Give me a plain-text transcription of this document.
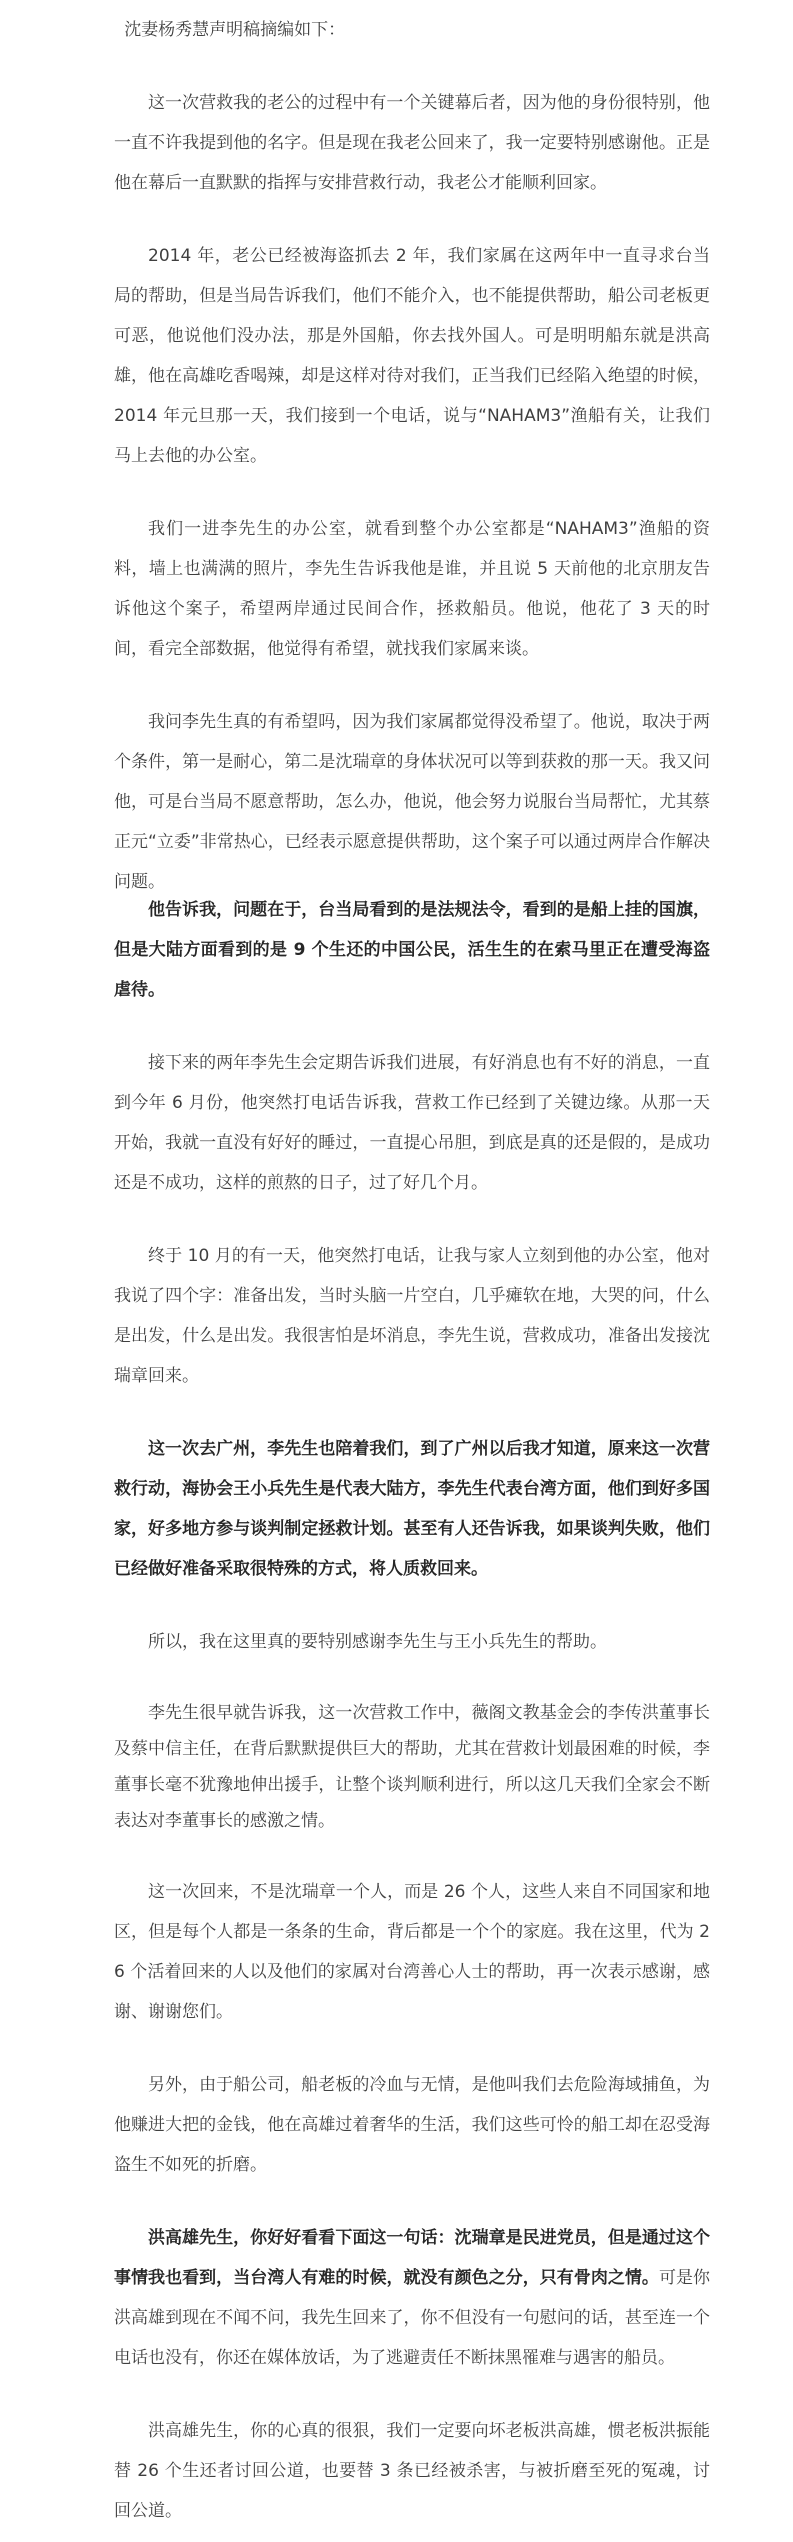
沈妻杨秀慧声明稿摘编如下：

这一次营救我的老公的过程中有一个关键幕后者，因为他的身份很特别，他一直不许我提到他的名字。但是现在我老公回来了，我一定要特别感谢他。正是他在幕后一直默默的指挥与安排营救行动，我老公才能顺利回家。

2014 年，老公已经被海盗抓去 2 年，我们家属在这两年中一直寻求台当局的帮助，但是当局告诉我们，他们不能介入，也不能提供帮助，船公司老板更可恶，他说他们没办法，那是外国船，你去找外国人。可是明明船东就是洪高雄，他在高雄吃香喝辣，却是这样对待对我们，正当我们已经陷入绝望的时候，2014 年元旦那一天，我们接到一个电话，说与“NAHAM3”渔船有关，让我们马上去他的办公室。

我们一进李先生的办公室，就看到整个办公室都是“NAHAM3”渔船的资料，墙上也满满的照片，李先生告诉我他是谁，并且说 5 天前他的北京朋友告诉他这个案子，希望两岸通过民间合作，拯救船员。他说，他花了 3 天的时间，看完全部数据，他觉得有希望，就找我们家属来谈。

我问李先生真的有希望吗，因为我们家属都觉得没希望了。他说，取决于两个条件，第一是耐心，第二是沈瑞章的身体状况可以等到获救的那一天。我又问他，可是台当局不愿意帮助，怎么办，他说，他会努力说服台当局帮忙，尤其蔡正元“立委”非常热心，已经表示愿意提供帮助，这个案子可以通过两岸合作解决问题。

他告诉我，问题在于，台当局看到的是法规法令，看到的是船上挂的国旗，但是大陆方面看到的是 9 个生还的中国公民，活生生的在索马里正在遭受海盗虐待。

接下来的两年李先生会定期告诉我们进展，有好消息也有不好的消息，一直到今年 6 月份，他突然打电话告诉我，营救工作已经到了关键边缘。从那一天开始，我就一直没有好好的睡过，一直提心吊胆，到底是真的还是假的，是成功还是不成功，这样的煎熬的日子，过了好几个月。

终于 10 月的有一天，他突然打电话，让我与家人立刻到他的办公室，他对我说了四个字：准备出发，当时头脑一片空白，几乎瘫软在地，大哭的问，什么是出发，什么是出发。我很害怕是坏消息，李先生说，营救成功，准备出发接沈瑞章回来。

这一次去广州，李先生也陪着我们，到了广州以后我才知道，原来这一次营救行动，海协会王小兵先生是代表大陆方，李先生代表台湾方面，他们到好多国家，好多地方参与谈判制定拯救计划。甚至有人还告诉我，如果谈判失败，他们已经做好准备采取很特殊的方式，将人质救回来。

所以，我在这里真的要特别感谢李先生与王小兵先生的帮助。

李先生很早就告诉我，这一次营救工作中，薇阁文教基金会的李传洪董事长及蔡中信主任，在背后默默提供巨大的帮助，尤其在营救计划最困难的时候，李董事长毫不犹豫地伸出援手，让整个谈判顺利进行，所以这几天我们全家会不断表达对李董事长的感激之情。

这一次回来，不是沈瑞章一个人，而是 26 个人，这些人来自不同国家和地区，但是每个人都是一条条的生命，背后都是一个个的家庭。我在这里，代为 26 个活着回来的人以及他们的家属对台湾善心人士的帮助，再一次表示感谢，感谢、谢谢您们。

另外，由于船公司，船老板的冷血与无情，是他叫我们去危险海域捕鱼，为他赚进大把的金钱，他在高雄过着奢华的生活，我们这些可怜的船工却在忍受海盗生不如死的折磨。

洪高雄先生，你好好看看下面这一句话：沈瑞章是民进党员，但是通过这个事情我也看到，当台湾人有难的时候，就没有颜色之分，只有骨肉之情。可是你洪高雄到现在不闻不问，我先生回来了，你不但没有一句慰问的话，甚至连一个电话也没有，你还在媒体放话，为了逃避责任不断抹黑罹难与遇害的船员。

洪高雄先生，你的心真的很狠，我们一定要向坏老板洪高雄，惯老板洪振能替 26 个生还者讨回公道，也要替 3 条已经被杀害，与被折磨至死的冤魂，讨回公道。
